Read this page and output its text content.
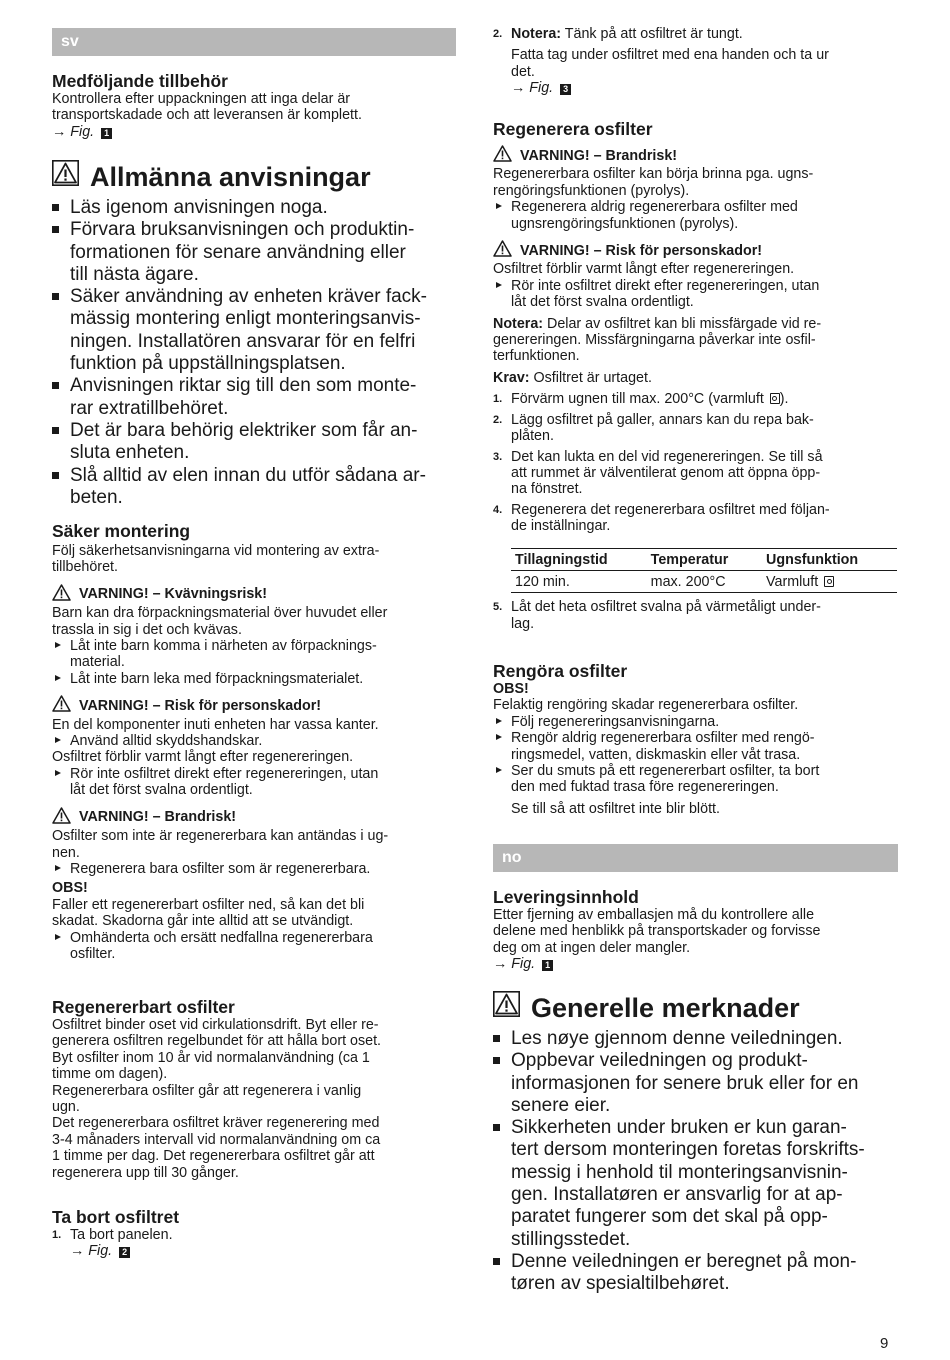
sv
Medföljande tillbehör

Kontrollera efter uppackningen att inga delar är

transportskadade och att leveransen är komplett.

→ Fig. 1

Allmänna anvisningar
Läs igenom anvisningen noga.
Förvara bruksanvisningen och produktin-
formationen för senare användning eller
till nästa ägare.
Säker användning av enheten kräver fack-
mässig montering enligt monteringsanvis-
ningen. Installatören ansvarar för en felfri
funktion på uppställningsplatsen.
Anvisningen riktar sig till den som monte-
rar extratillbehöret.
Det är bara behörig elektriker som får an-
sluta enheten.
Slå alltid av elen innan du utför sådana ar-
beten.
Säker montering

Följ säkerhetsanvisningarna vid montering av extra-

tillbehöret.

VARNING! – Kvävningsrisk!

Barn kan dra förpackningsmaterial över huvudet eller

trassla in sig i det och kvävas.

Låt inte barn komma i närheten av förpacknings-
material.
Låt inte barn leka med förpackningsmaterialet.
VARNING! – Risk för personskador!

En del komponenter inuti enheten har vassa kanter.

Använd alltid skyddshandskar.

Osfiltret förblir varmt långt efter regenereringen.

Rör inte osfiltret direkt efter regenereringen, utan
låt det först svalna ordentligt.
VARNING! – Brandrisk!

Osfilter som inte är regenererbara kan antändas i ug-

nen.

Regenerera bara osfilter som är regenererbara.

OBS!

Faller ett regenererbart osfilter ned, så kan det bli

skadat. Skadorna går inte alltid att se utvändigt.

Omhänderta och ersätt nedfallna regenererbara
osfilter.
Regenererbart osfilter

Osfiltret binder oset vid cirkulationsdrift. Byt eller re-

generera osfiltren regelbundet för att hålla bort oset.

Byt osfilter inom 10 år vid normalanvändning (ca 1

timme om dagen).

Regenererbara osfilter går att regenerera i vanlig

ugn.

Det regenererbara osfiltret kräver regenerering med

3-4 månaders intervall vid normalanvändning om ca

1 timme per dag. Det regenererbara osfiltret går att

regenerera upp till 30 gånger.

Ta bort osfiltret
1. Ta bort panelen.
→ Fig. 2
2. Notera: Tänk på att osfiltret är tungt.
Fatta tag under osfiltret med ena handen och ta ur
det.
→ Fig. 3
Regenerera osfilter
VARNING! – Brandrisk!

Regenererbara osfilter kan börja brinna pga. ugns-

rengöringsfunktionen (pyrolys).

Regenerera aldrig regenererbara osfilter med
ugnsrengöringsfunktionen (pyrolys).
VARNING! – Risk för personskador!

Osfiltret förblir varmt långt efter regenereringen.

Rör inte osfiltret direkt efter regenereringen, utan
låt det först svalna ordentligt.

Notera: Delar av osfiltret kan bli missfärgade vid re-

genereringen. Missfärgningarna påverkar inte osfil-

terfunktionen.

Krav: Osfiltret är urtaget.

1. Förvärm ugnen till max. 200°C (varmluft ).
2. Lägg osfiltret på galler, annars kan du repa bak-
plåten.
3. Det kan lukta en del vid regenereringen. Se till så
att rummet är välventilerat genom att öppna öpp-
na fönstret.
4. Regenerera det regenererbara osfiltret med följan-
de inställningar.
Tillagningstid	Temperatur	Ugnsfunktion
120 min.	max. 200°C	Varmluft
5. Låt det heta osfiltret svalna på värmetåligt under-
lag.
Rengöra osfilter

OBS!

Felaktig rengöring skadar regenererbara osfilter.

Följ regenereringsanvisningarna.
Rengör aldrig regenererbara osfilter med rengö-
ringsmedel, vatten, diskmaskin eller våt trasa.
Ser du smuts på ett regenererbart osfilter, ta bort
den med fuktad trasa före regenereringen.

Se till så att osfiltret inte blir blött.

no
Leveringsinnhold

Etter fjerning av emballasjen må du kontrollere alle

delene med henblikk på transportskader og forvisse

deg om at ingen deler mangler.

→ Fig. 1

Generelle merknader
Les nøye gjennom denne veiledningen.
Oppbevar veiledningen og produkt-
informasjonen for senere bruk eller for en
senere eier.
Sikkerheten under bruken er kun garan-
tert dersom monteringen foretas forskrifts-
messig i henhold til monteringsanvisnin-
gen. Installatøren er ansvarlig for at ap-
paratet fungerer som det skal på opp-
stillingsstedet.
Denne veiledningen er beregnet på mon-
tøren av spesialtilbehøret.
9
